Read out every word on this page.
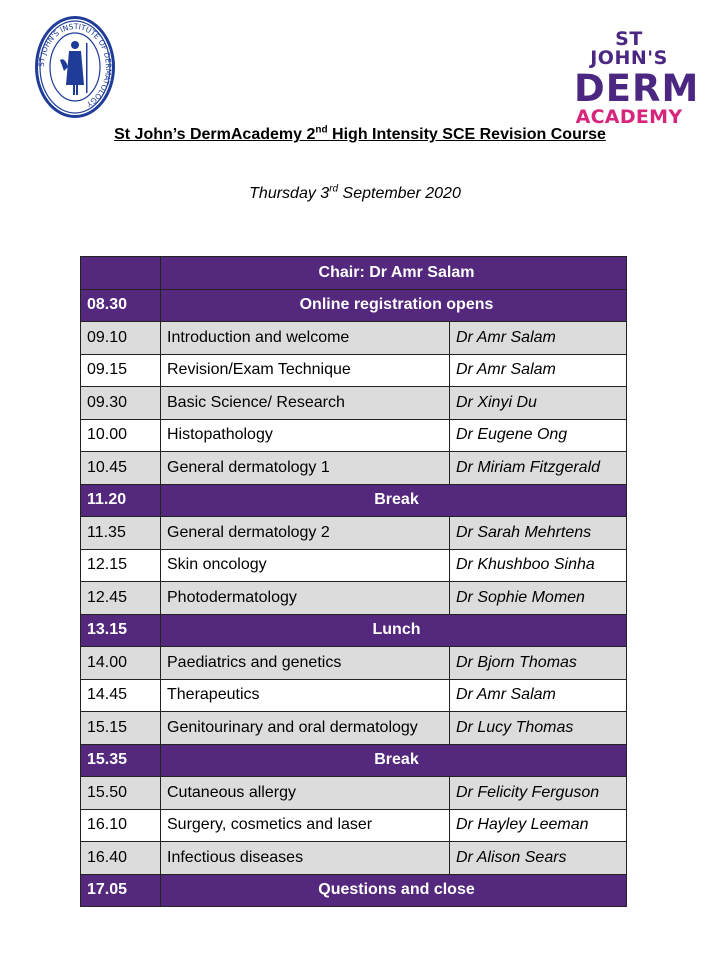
ST JOHN'S INSTITUTE OF DERMATOLOGY
ST JOHN'S
DERM
ACADEMY
St John’s DermAcademy 2nd High Intensity SCE Revision Course
Thursday 3rd September 2020
	Chair: Dr Amr Salam	
08.30	Online registration opens	
09.10	Introduction and welcome	Dr Amr Salam
09.15	Revision/Exam Technique	Dr Amr Salam
09.30	Basic Science/ Research	Dr Xinyi Du
10.00	Histopathology	Dr Eugene Ong
10.45	General dermatology 1	Dr Miriam Fitzgerald
11.20	Break	
11.35	General dermatology 2	Dr Sarah Mehrtens
12.15	Skin oncology	Dr Khushboo Sinha
12.45	Photodermatology	Dr Sophie Momen
13.15	Lunch	
14.00	Paediatrics and genetics	Dr Bjorn Thomas
14.45	Therapeutics	Dr Amr Salam
15.15	Genitourinary and oral dermatology	Dr Lucy Thomas
15.35	Break	
15.50	Cutaneous allergy	Dr Felicity Ferguson
16.10	Surgery, cosmetics and laser	Dr Hayley Leeman
16.40	Infectious diseases	Dr Alison Sears
17.05	Questions and close	
